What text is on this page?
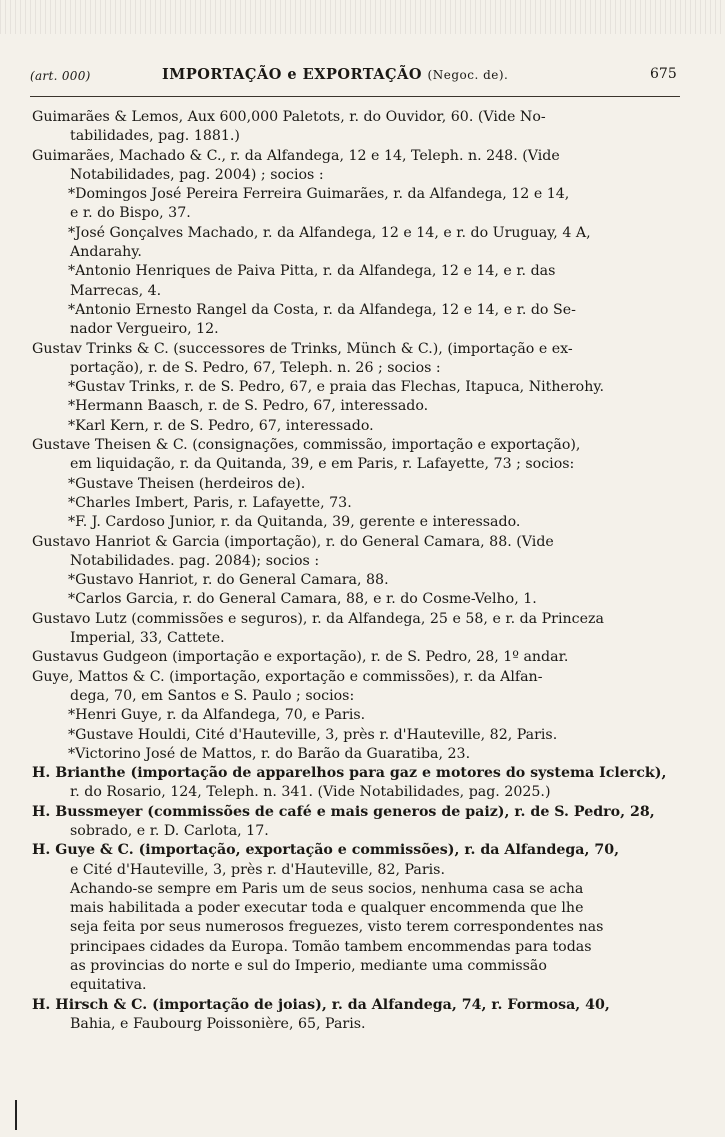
(art. 000)	IMPORTAÇÃO e EXPORTAÇÃO (Negoc. de).	675

Guimarães & Lemos, Aux 600,000 Paletots, r. do Ouvidor, 60. (Vide No-

tabilidades, pag. 1881.)

Guimarães, Machado & C., r. da Alfandega, 12 e 14, Teleph. n. 248. (Vide

Notabilidades, pag. 2004) ; socios :

*Domingos José Pereira Ferreira Guimarães, r. da Alfandega, 12 e 14,

e r. do Bispo, 37.

*José Gonçalves Machado, r. da Alfandega, 12 e 14, e r. do Uruguay, 4 A,

Andarahy.

*Antonio Henriques de Paiva Pitta, r. da Alfandega, 12 e 14, e r. das

Marrecas, 4.

*Antonio Ernesto Rangel da Costa, r. da Alfandega, 12 e 14, e r. do Se-

nador Vergueiro, 12.

Gustav Trinks & C. (successores de Trinks, Münch & C.), (importação e ex-

portação), r. de S. Pedro, 67, Teleph. n. 26 ; socios :

*Gustav Trinks, r. de S. Pedro, 67, e praia das Flechas, Itapuca, Nitherohy.

*Hermann Baasch, r. de S. Pedro, 67, interessado.

*Karl Kern, r. de S. Pedro, 67, interessado.

Gustave Theisen & C. (consignações, commissão, importação e exportação),

em liquidação, r. da Quitanda, 39, e em Paris, r. Lafayette, 73 ; socios:

*Gustave Theisen (herdeiros de).

*Charles Imbert, Paris, r. Lafayette, 73.

*F. J. Cardoso Junior, r. da Quitanda, 39, gerente e interessado.

Gustavo Hanriot & Garcia (importação), r. do General Camara, 88. (Vide

Notabilidades. pag. 2084); socios :

*Gustavo Hanriot, r. do General Camara, 88.

*Carlos Garcia, r. do General Camara, 88, e r. do Cosme-Velho, 1.

Gustavo Lutz (commissões e seguros), r. da Alfandega, 25 e 58, e r. da Princeza

Imperial, 33, Cattete.

Gustavus Gudgeon (importação e exportação), r. de S. Pedro, 28, 1º andar.

Guye, Mattos & C. (importação, exportação e commissões), r. da Alfan-

dega, 70, em Santos e S. Paulo ; socios:

*Henri Guye, r. da Alfandega, 70, e Paris.

*Gustave Houldi, Cité d'Hauteville, 3, près r. d'Hauteville, 82, Paris.

*Victorino José de Mattos, r. do Barão da Guaratiba, 23.

H. Brianthe (importação de apparelhos para gaz e motores do systema Iclerck),

r. do Rosario, 124, Teleph. n. 341. (Vide Notabilidades, pag. 2025.)

H. Bussmeyer (commissões de café e mais generos de paiz), r. de S. Pedro, 28,

sobrado, e r. D. Carlota, 17.

H. Guye & C. (importação, exportação e commissões), r. da Alfandega, 70,

e Cité d'Hauteville, 3, près r. d'Hauteville, 82, Paris.

Achando-se sempre em Paris um de seus socios, nenhuma casa se acha

mais habilitada a poder executar toda e qualquer encommenda que lhe

seja feita por seus numerosos freguezes, visto terem correspondentes nas

principaes cidades da Europa. Tomão tambem encommendas para todas

as provincias do norte e sul do Imperio, mediante uma commissão

equitativa.

H. Hirsch & C. (importação de joias), r. da Alfandega, 74, r. Formosa, 40,

Bahia, e Faubourg Poissonière, 65, Paris.
